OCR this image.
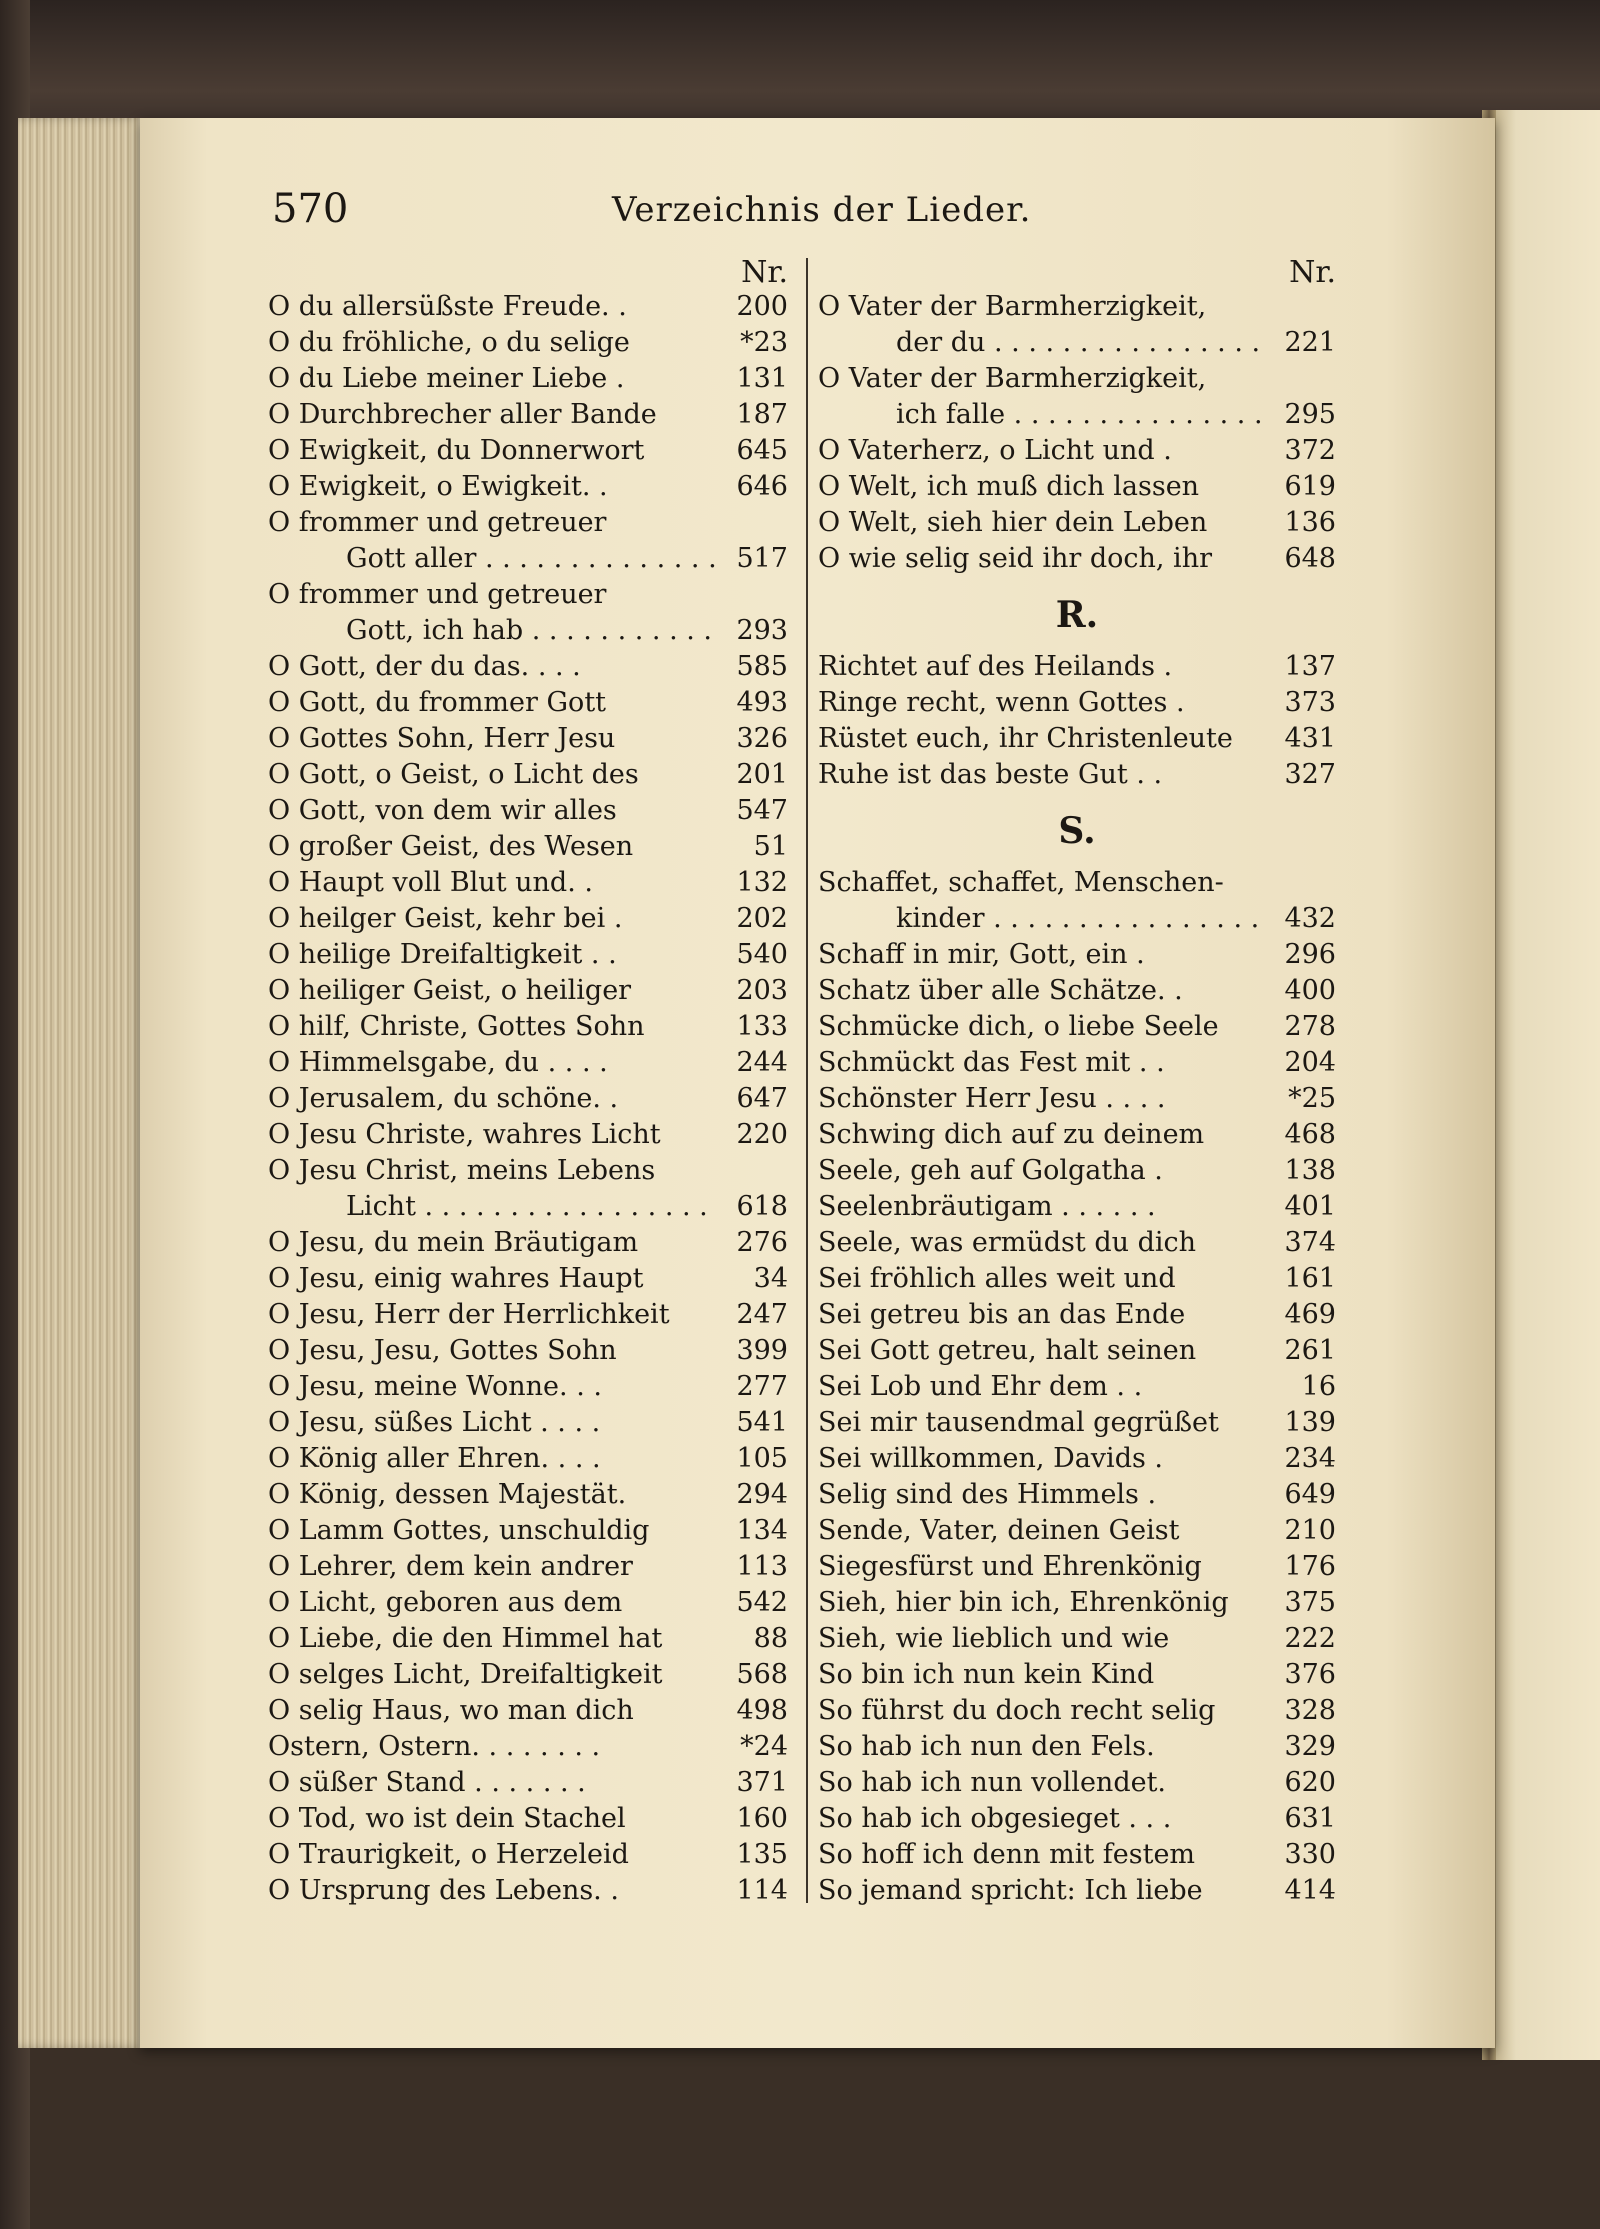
570	Verzeichnis der Lieder.
Nr.
O du allersüßste Freude. .	200
O du fröhliche, o du selige	*23
O du Liebe meiner Liebe .	131
O Durchbrecher aller Bande	187
O Ewigkeit, du Donnerwort	645
O Ewigkeit, o Ewigkeit. .	646
O frommer und getreuer
Gott aller . . .	517
O frommer und getreuer
Gott, ich hab . . .	293
O Gott, der du das. . . .	585
O Gott, du frommer Gott	493
O Gottes Sohn, Herr Jesu	326
O Gott, o Geist, o Licht des	201
O Gott, von dem wir alles	547
O großer Geist, des Wesen	51
O Haupt voll Blut und. .	132
O heilger Geist, kehr bei .	202
O heilige Dreifaltigkeit . .	540
O heiliger Geist, o heiliger	203
O hilf, Christe, Gottes Sohn	133
O Himmelsgabe, du . . . .	244
O Jerusalem, du schöne. .	647
O Jesu Christe, wahres Licht	220
O Jesu Christ, meins Lebens
Licht . . .	618
O Jesu, du mein Bräutigam	276
O Jesu, einig wahres Haupt	34
O Jesu, Herr der Herrlichkeit	247
O Jesu, Jesu, Gottes Sohn	399
O Jesu, meine Wonne. . .	277
O Jesu, süßes Licht . . . .	541
O König aller Ehren. . . .	105
O König, dessen Majestät.	294
O Lamm Gottes, unschuldig	134
O Lehrer, dem kein andrer	113
O Licht, geboren aus dem	542
O Liebe, die den Himmel hat	88
O selges Licht, Dreifaltigkeit	568
O selig Haus, wo man dich	498
Ostern, Ostern. . . . . . . .	*24
O süßer Stand . . . . . . .	371
O Tod, wo ist dein Stachel	160
O Traurigkeit, o Herzeleid	135
O Ursprung des Lebens. .	114
Nr.
O Vater der Barmherzigkeit,
der du . . .	221
O Vater der Barmherzigkeit,
ich falle . . .	295
O Vaterherz, o Licht und .	372
O Welt, ich muß dich lassen	619
O Welt, sieh hier dein Leben	136
O wie selig seid ihr doch, ihr	648
R.
Richtet auf des Heilands .	137
Ringe recht, wenn Gottes .	373
Rüstet euch, ihr Christenleute	431
Ruhe ist das beste Gut . .	327
S.
Schaffet, schaffet, Menschen-
kinder . . .	432
Schaff in mir, Gott, ein .	296
Schatz über alle Schätze. .	400
Schmücke dich, o liebe Seele	278
Schmückt das Fest mit . .	204
Schönster Herr Jesu . . . .	*25
Schwing dich auf zu deinem	468
Seele, geh auf Golgatha .	138
Seelenbräutigam . . . . . .	401
Seele, was ermüdst du dich	374
Sei fröhlich alles weit und	161
Sei getreu bis an das Ende	469
Sei Gott getreu, halt seinen	261
Sei Lob und Ehr dem . .	16
Sei mir tausendmal gegrüßet	139
Sei willkommen, Davids .	234
Selig sind des Himmels .	649
Sende, Vater, deinen Geist	210
Siegesfürst und Ehrenkönig	176
Sieh, hier bin ich, Ehrenkönig	375
Sieh, wie lieblich und wie	222
So bin ich nun kein Kind	376
So führst du doch recht selig	328
So hab ich nun den Fels.	329
So hab ich nun vollendet.	620
So hab ich obgesieget . . .	631
So hoff ich denn mit festem	330
So jemand spricht: Ich liebe	414
